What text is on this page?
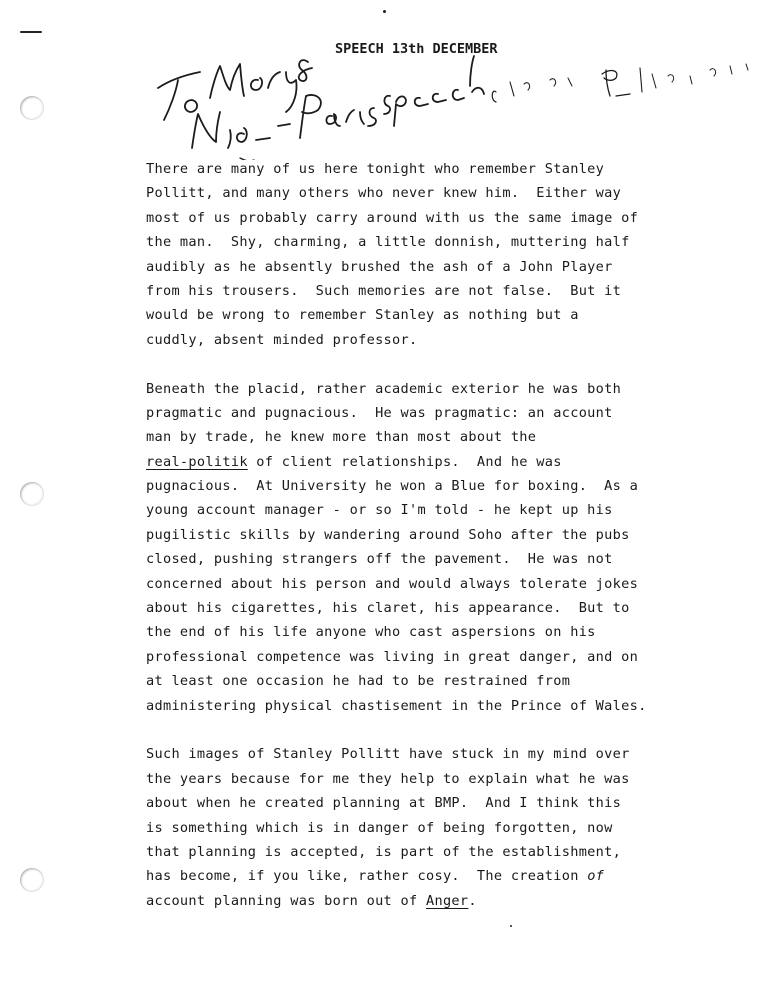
SPEECH 13th DECEMBER
There are many of us here tonight who remember Stanley
Pollitt, and many others who never knew him.  Either way
most of us probably carry around with us the same image of
the man.  Shy, charming, a little donnish, muttering half
audibly as he absently brushed the ash of a John Player
from his trousers.  Such memories are not false.  But it
would be wrong to remember Stanley as nothing but a
cuddly, absent minded professor.
Beneath the placid, rather academic exterior he was both
pragmatic and pugnacious.  He was pragmatic: an account
man by trade, he knew more than most about the
real-politik of client relationships.  And he was
pugnacious.  At University he won a Blue for boxing.  As a
young account manager - or so I'm told - he kept up his
pugilistic skills by wandering around Soho after the pubs
closed, pushing strangers off the pavement.  He was not
concerned about his person and would always tolerate jokes
about his cigarettes, his claret, his appearance.  But to
the end of his life anyone who cast aspersions on his
professional competence was living in great danger, and on
at least one occasion he had to be restrained from
administering physical chastisement in the Prince of Wales.
Such images of Stanley Pollitt have stuck in my mind over
the years because for me they help to explain what he was
about when he created planning at BMP.  And I think this
is something which is in danger of being forgotten, now
that planning is accepted, is part of the establishment,
has become, if you like, rather cosy.  The creation of
account planning was born out of Anger.
